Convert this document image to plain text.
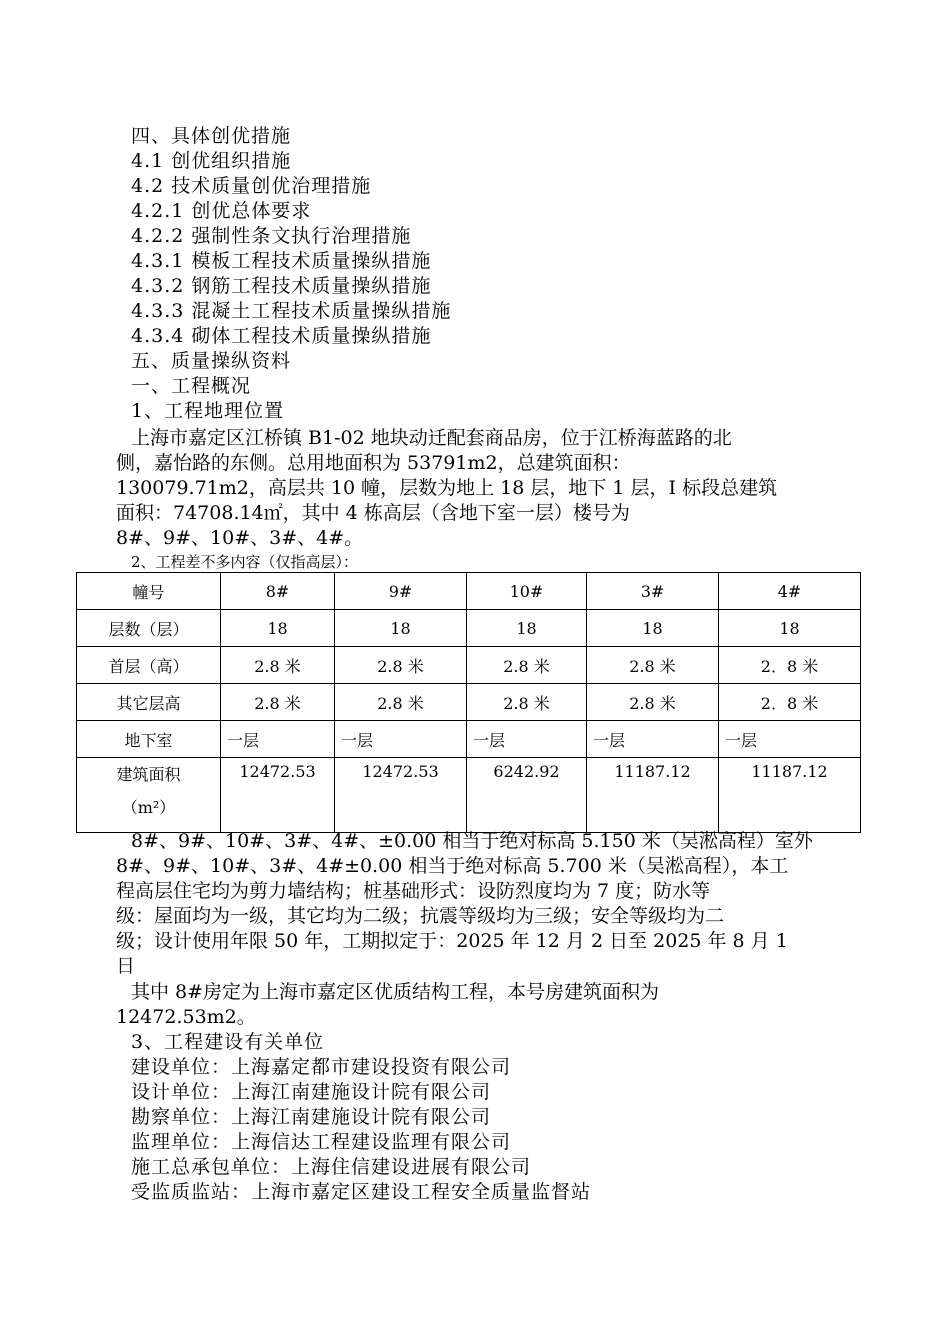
四、具体创优措施
4.1 创优组织措施
4.2 技术质量创优治理措施
4.2.1 创优总体要求
4.2.2 强制性条文执行治理措施
4.3.1 模板工程技术质量操纵措施
4.3.2 钢筋工程技术质量操纵措施
4.3.3 混凝土工程技术质量操纵措施
4.3.4 砌体工程技术质量操纵措施
五、质量操纵资料
一、工程概况
1、工程地理位置
上海市嘉定区江桥镇 B1-02 地块动迁配套商品房，位于江桥海蓝路的北
侧，嘉怡路的东侧。总用地面积为 53791m2，总建筑面积：
130079.71m2，高层共 10 幢，层数为地上 18 层，地下 1 层，I 标段总建筑
面积：74708.14㎡，其中 4 栋高层（含地下室一层）楼号为
8#、9#、10#、3#、4#。
2、工程差不多内容（仅指高层）：
幢号	8#	9#	10#	3#	4#
层数（层）	18	18	18	18	18
首层（高）	2.8 米	2.8 米	2.8 米	2.8 米	2．8 米
其它层高	2.8 米	2.8 米	2.8 米	2.8 米	2．8 米
地下室	一层	一层	一层	一层	一层
建筑面积
（m²）	12472.53	12472.53	6242.92	11187.12	11187.12
8#、9#、10#、3#、4#、±0.00 相当于绝对标高 5.150 米（吴淞高程）室外
8#、9#、10#、3#、4#±0.00 相当于绝对标高 5.700 米（吴淞高程），本工
程高层住宅均为剪力墙结构；桩基础形式：设防烈度均为 7 度；防水等
级：屋面均为一级，其它均为二级；抗震等级均为三级；安全等级均为二
级；设计使用年限 50 年，工期拟定于：2025 年 12 月 2 日至 2025 年 8 月 1
日
其中 8#房定为上海市嘉定区优质结构工程，本号房建筑面积为
12472.53m2。
3、工程建设有关单位
建设单位：上海嘉定都市建设投资有限公司
设计单位：上海江南建施设计院有限公司
勘察单位：上海江南建施设计院有限公司
监理单位：上海信达工程建设监理有限公司
施工总承包单位：上海住信建设进展有限公司
受监质监站：上海市嘉定区建设工程安全质量监督站
